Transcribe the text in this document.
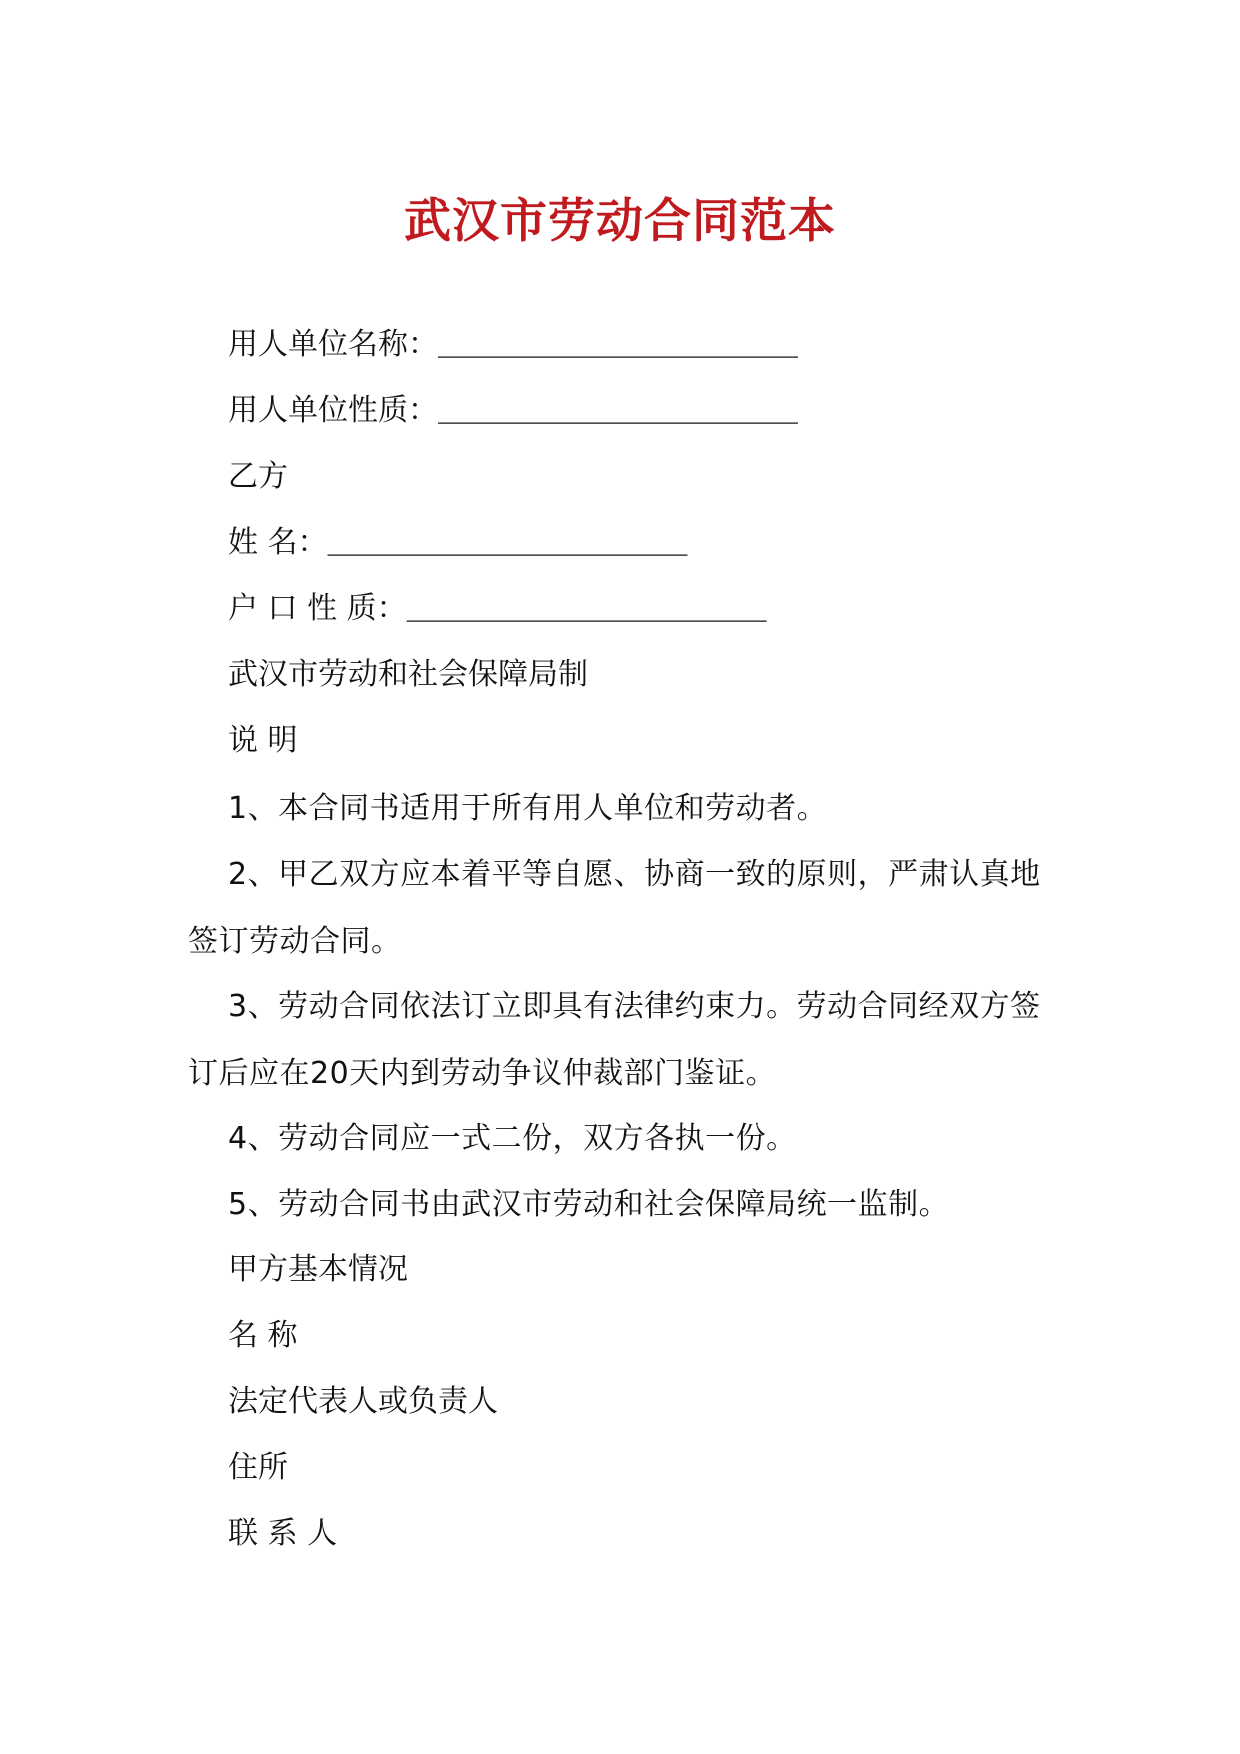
武汉市劳动合同范本
用人单位名称：＿＿＿＿＿＿＿＿＿＿＿＿
用人单位性质：＿＿＿＿＿＿＿＿＿＿＿＿
乙方
姓 名：＿＿＿＿＿＿＿＿＿＿＿＿
户 口 性 质：＿＿＿＿＿＿＿＿＿＿＿＿
武汉市劳动和社会保障局制
说 明
1、本合同书适用于所有用人单位和劳动者。
2、甲乙双方应本着平等自愿、协商一致的原则，严肃认真地签订劳动合同。
3、劳动合同依法订立即具有法律约束力。劳动合同经双方签订后应在20天内到劳动争议仲裁部门鉴证。
4、劳动合同应一式二份，双方各执一份。
5、劳动合同书由武汉市劳动和社会保障局统一监制。
甲方基本情况
名 称
法定代表人或负责人
住所
联 系 人
